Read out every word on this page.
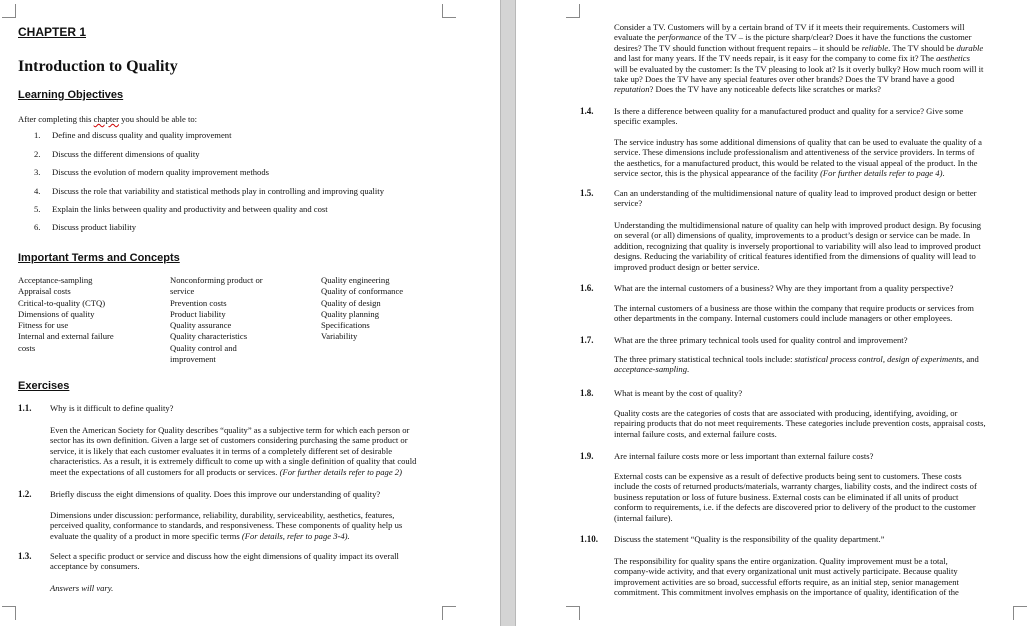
CHAPTER 1
Introduction to Quality
Learning Objectives
After completing this chapter you should be able to:
1. Define and discuss quality and quality improvement
2. Discuss the different dimensions of quality
3. Discuss the evolution of modern quality improvement methods
4. Discuss the role that variability and statistical methods play in controlling and improving quality
5. Explain the links between quality and productivity and between quality and cost
6. Discuss product liability
Important Terms and Concepts
Acceptance-sampling
Appraisal costs
Critical-to-quality (CTQ)
Dimensions of quality
Fitness for use
Internal and external failure
costs
Nonconforming product or
service
Prevention costs
Product liability
Quality assurance
Quality characteristics
Quality control and
improvement
Quality engineering
Quality of conformance
Quality of design
Quality planning
Specifications
Variability
Exercises
1.1. Why is it difficult to define quality?
Even the American Society for Quality describes “quality” as a subjective term for which each person or
sector has its own definition. Given a large set of customers considering purchasing the same product or
service, it is likely that each customer evaluates it in terms of a completely different set of desirable
characteristics. As a result, it is extremely difficult to come up with a single definition of quality that could
meet the expectations of all customers for all products or services. (For further details refer to page 2)
1.2. Briefly discuss the eight dimensions of quality. Does this improve our understanding of quality?
Dimensions under discussion: performance, reliability, durability, serviceability, aesthetics, features,
perceived quality, conformance to standards, and responsiveness. These components of quality help us
evaluate the quality of a product in more specific terms (For details, refer to page 3-4).
1.3. Select a specific product or service and discuss how the eight dimensions of quality impact its overall
acceptance by consumers.
Answers will vary.
Consider a TV. Customers will by a certain brand of TV if it meets their requirements. Customers will
evaluate the performance of the TV – is the picture sharp/clear? Does it have the functions the customer
desires? The TV should function without frequent repairs – it should be reliable. The TV should be durable
and last for many years. If the TV needs repair, is it easy for the company to come fix it? The aesthetics
will be evaluated by the customer: Is the TV pleasing to look at? Is it overly bulky? How much room will it
take up? Does the TV have any special features over other brands? Does the TV brand have a good
reputation? Does the TV have any noticeable defects like scratches or marks?
1.4. Is there a difference between quality for a manufactured product and quality for a service? Give some
specific examples.
The service industry has some additional dimensions of quality that can be used to evaluate the quality of a
service. These dimensions include professionalism and attentiveness of the service providers. In terms of
the aesthetics, for a manufactured product, this would be related to the visual appeal of the product. In the
service sector, this is the physical appearance of the facility (For further details refer to page 4).
1.5. Can an understanding of the multidimensional nature of quality lead to improved product design or better
service?
Understanding the multidimensional nature of quality can help with improved product design. By focusing
on several (or all) dimensions of quality, improvements to a product’s design or service can be made. In
addition, recognizing that quality is inversely proportional to variability will also lead to improved product
designs. Reducing the variability of critical features identified from the dimensions of quality will lead to
improved product design or better service.
1.6. What are the internal customers of a business? Why are they important from a quality perspective?
The internal customers of a business are those within the company that require products or services from
other departments in the company. Internal customers could include managers or other employees.
1.7. What are the three primary technical tools used for quality control and improvement?
The three primary statistical technical tools include: statistical process control, design of experiments, and
acceptance-sampling.
1.8. What is meant by the cost of quality?
Quality costs are the categories of costs that are associated with producing, identifying, avoiding, or
repairing products that do not meet requirements. These categories include prevention costs, appraisal costs,
internal failure costs, and external failure costs.
1.9. Are internal failure costs more or less important than external failure costs?
External costs can be expensive as a result of defective products being sent to customers. These costs
include the costs of returned products/materials, warranty charges, liability costs, and the indirect costs of
business reputation or loss of future business. External costs can be eliminated if all units of product
conform to requirements, i.e. if the defects are discovered prior to delivery of the product to the customer
(internal failure).
1.10. Discuss the statement “Quality is the responsibility of the quality department.”
The responsibility for quality spans the entire organization. Quality improvement must be a total,
company-wide activity, and that every organizational unit must actively participate. Because quality
improvement activities are so broad, successful efforts require, as an initial step, senior management
commitment. This commitment involves emphasis on the importance of quality, identification of the
